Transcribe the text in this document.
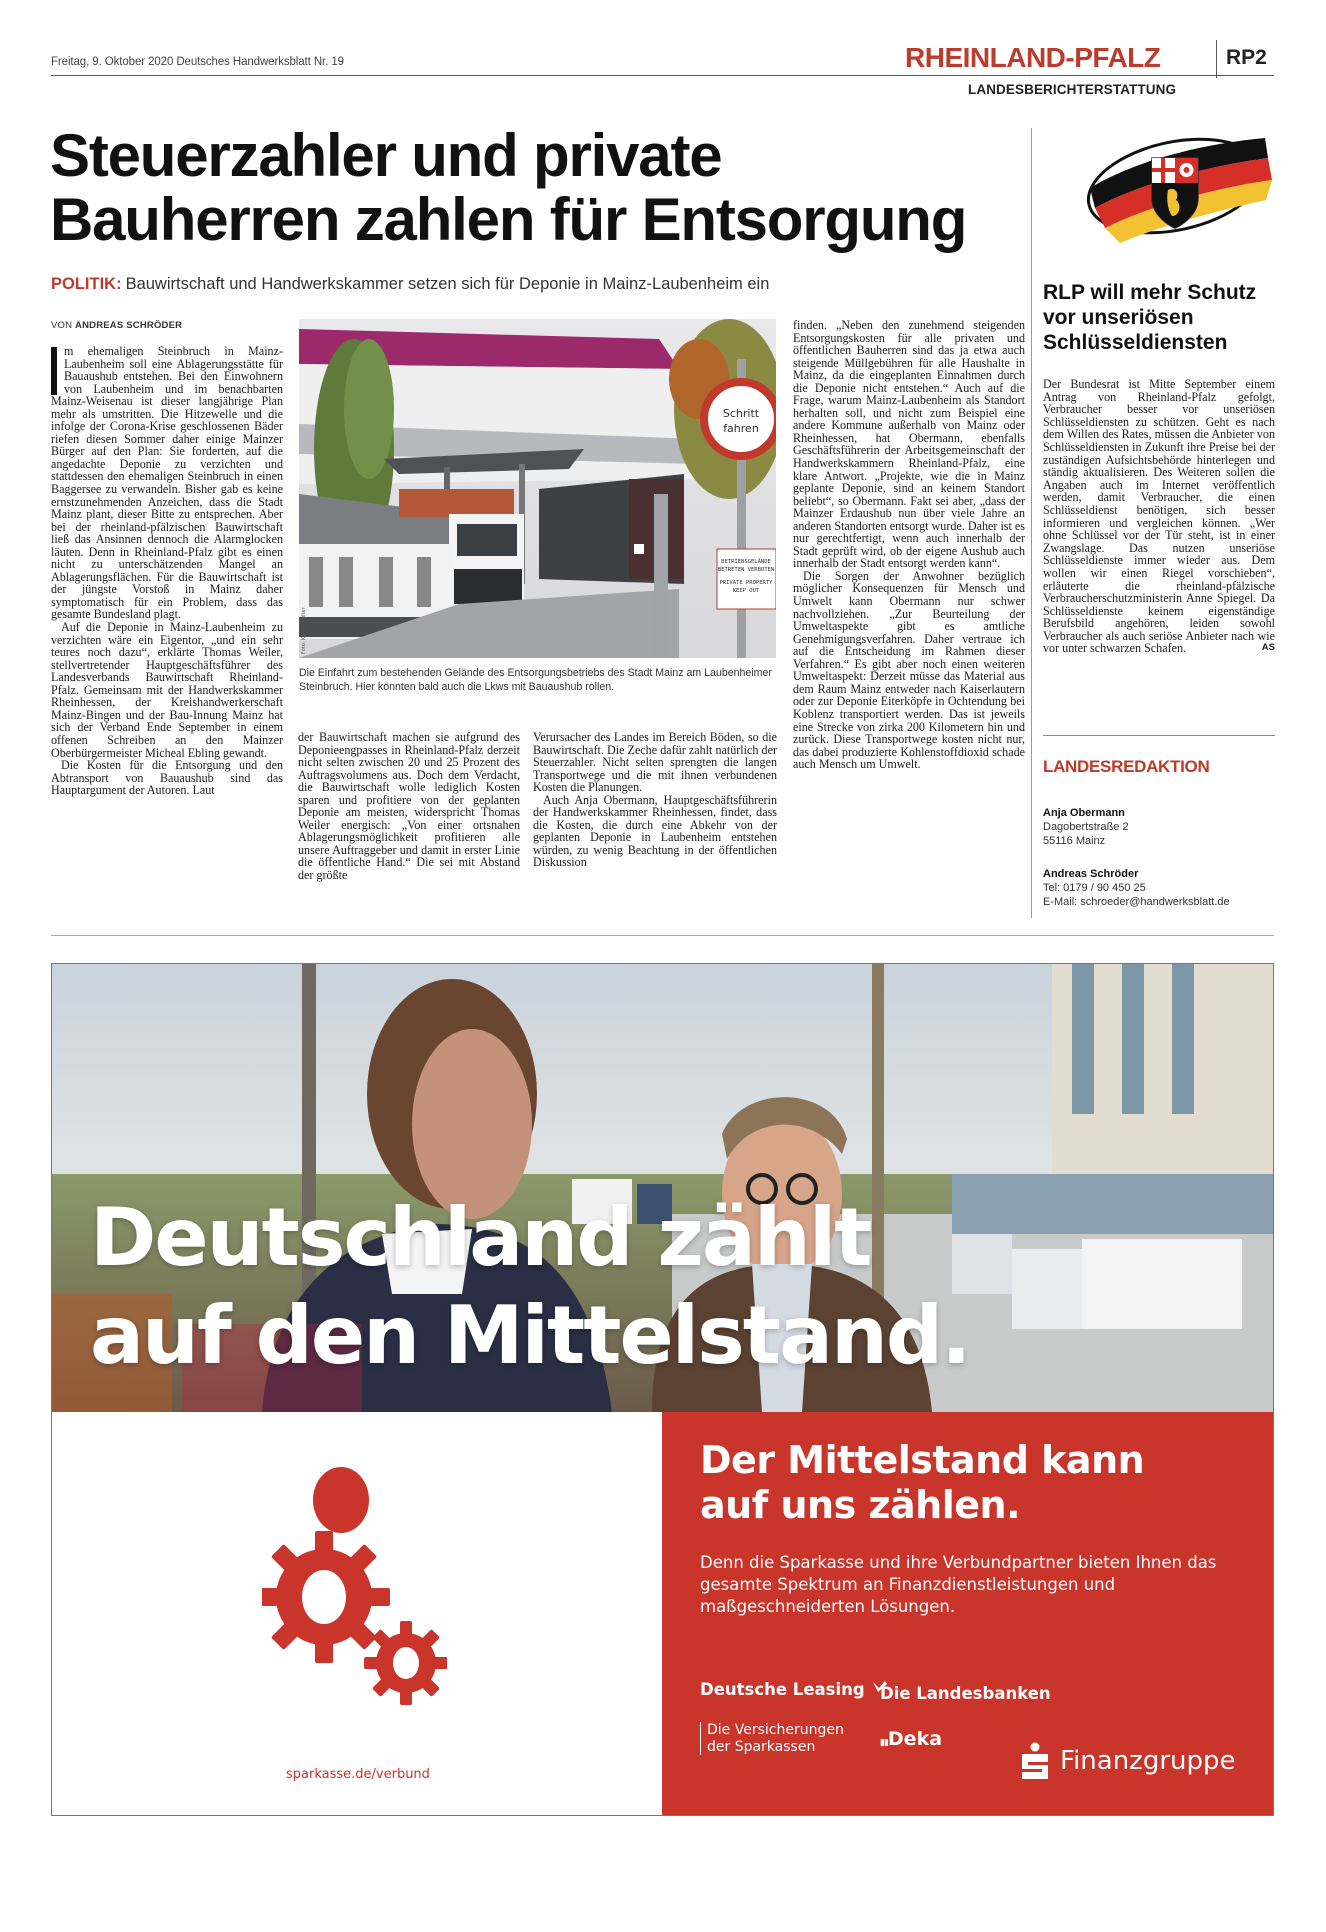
Freitag, 9. Oktober 2020 Deutsches Handwerksblatt Nr. 19	RHEINLAND-PFALZ	RP2
LANDESBERICHTERSTATTUNG
Steuerzahler und private
Bauherren zahlen für Entsorgung
POLITIK: Bauwirtschaft und Handwerkskammer setzen sich für Deponie in Mainz-Laubenheim ein
VON ANDREAS SCHRÖDER

m ehemaligen Steinbruch in Mainz-Laubenheim soll eine Ablagerungsstätte für Bauaushub entstehen. Bei den Einwohnern von Laubenheim und im benachbarten Mainz-Weisenau ist dieser langjährige Plan mehr als umstritten. Die Hitzewelle und die infolge der Corona-Krise geschlossenen Bäder riefen diesen Sommer daher einige Mainzer Bürger auf den Plan: Sie forderten, auf die angedachte Deponie zu verzichten und stattdessen den ehemaligen Steinbruch in einen Baggersee zu verwandeln. Bisher gab es keine ernstzunehmenden Anzeichen, dass die Stadt Mainz plant, dieser Bitte zu entsprechen. Aber bei der rheinland-pfälzischen Bauwirtschaft ließ das Ansinnen dennoch die Alarmglocken läuten. Denn in Rheinland-Pfalz gibt es einen nicht zu unterschätzenden Mangel an Ablagerungsflächen. Für die Bauwirtschaft ist der jüngste Vorstoß in Mainz daher symptomatisch für ein Problem, dass das gesamte Bundesland plagt.

Auf die Deponie in Mainz-Laubenheim zu verzichten wäre ein Eigentor, „und ein sehr teures noch dazu“, erklärte Thomas Weiler, stellvertretender Hauptgeschäftsführer des Landesverbands Bauwirtschaft Rheinland-Pfalz. Gemeinsam mit der Handwerkskammer Rheinhessen, der Kreishandwerkerschaft Mainz-Bingen und der Bau-Innung Mainz hat sich der Verband Ende September in einem offenen Schreiben an den Mainzer Oberbürgermeister Micheal Ebling gewandt.

Die Kosten für die Entsorgung und den Abtransport von Bauaushub sind das Hauptargument der Autoren. Laut

Schritt
fahren
BETRIEBSGELÄNDE
BETRETEN VERBOTEN
PRIVATE PROPERTY
KEEP OUT
Foto: Katrin Wolter
Die Einfahrt zum bestehenden Gelände des Entsorgungsbetriebs des Stadt Mainz am Laubenheimer Steinbruch. Hier könnten bald auch die Lkws mit Bauaushub rollen.

der Bauwirtschaft machen sie aufgrund des Deponieengpasses in Rheinland-Pfalz derzeit nicht selten zwischen 20 und 25 Prozent des Auftragsvolumens aus. Doch dem Verdacht, die Bauwirtschaft wolle lediglich Kosten sparen und profitiere von der geplanten Deponie am meisten, widerspricht Thomas Weiler energisch: „Von einer ortsnahen Ablagerungsmöglichkeit profitieren alle unsere Auftraggeber und damit in erster Linie die öffentliche Hand.“ Die sei mit Abstand der größte

Verursacher des Landes im Bereich Böden, so die Bauwirtschaft. Die Zeche dafür zahlt natürlich der Steuerzahler. Nicht selten sprengten die langen Transportwege und die mit ihnen verbundenen Kosten die Planungen.

Auch Anja Obermann, Hauptgeschäftsführerin der Handwerkskammer Rheinhessen, findet, dass die Kosten, die durch eine Abkehr von der geplanten Deponie in Laubenheim entstehen würden, zu wenig Beachtung in der öffentlichen Diskussion

finden. „Neben den zunehmend steigenden Entsorgungskosten für alle privaten und öffentlichen Bauherren sind das ja etwa auch steigende Müllgebühren für alle Haushalte in Mainz, da die eingeplanten Einnahmen durch die Deponie nicht entstehen.“ Auch auf die Frage, warum Mainz-Laubenheim als Standort herhalten soll, und nicht zum Beispiel eine andere Kommune außerhalb von Mainz oder Rheinhessen, hat Obermann, ebenfalls Geschäftsführerin der Arbeitsgemeinschaft der Handwerkskammern Rheinland-Pfalz, eine klare Antwort. „Projekte, wie die in Mainz geplante Deponie, sind an keinem Standort beliebt“, so Obermann. Fakt sei aber, „dass der Mainzer Erdaushub nun über viele Jahre an anderen Standorten entsorgt wurde. Daher ist es nur gerechtfertigt, wenn auch innerhalb der Stadt geprüft wird, ob der eigene Aushub auch innerhalb der Stadt entsorgt werden kann“.

Die Sorgen der Anwohner bezüglich möglicher Konsequenzen für Mensch und Umwelt kann Obermann nur schwer nachvollziehen. „Zur Beurteilung der Umweltaspekte gibt es amtliche Genehmigungsverfahren. Daher vertraue ich auf die Entscheidung im Rahmen dieser Verfahren.“ Es gibt aber noch einen weiteren Umweltaspekt: Derzeit müsse das Material aus dem Raum Mainz entweder nach Kaiserlautern oder zur Deponie Eiterköpfe in Ochtendung bei Koblenz transportiert werden. Das ist jeweils eine Strecke von zirka 200 Kilometern hin und zurück. Diese Transportwege kosten nicht nur, das dabei produzierte Kohlenstoffdioxid schade auch Mensch um Umwelt.

RLP will mehr Schutz vor unseriösen Schlüsseldiensten
Der Bundesrat ist Mitte September einem Antrag von Rheinland-Pfalz gefolgt, Verbraucher besser vor unseriösen Schlüsseldiensten zu schützen. Geht es nach dem Willen des Rates, müssen die Anbieter von Schlüsseldiensten in Zukunft ihre Preise bei der zuständigen Aufsichtsbehörde hinterlegen und ständig aktualisieren. Des Weiteren sollen die Angaben auch im Internet veröffentlich werden, damit Verbraucher, die einen Schlüsseldienst benötigen, sich besser informieren und vergleichen können. „Wer ohne Schlüssel vor der Tür steht, ist in einer Zwangslage. Das nutzen unseriöse Schlüsseldienste immer wieder aus. Dem wollen wir einen Riegel vorschieben“, erläuterte die rheinland-pfälzische Verbraucherschutzministerin Anne Spiegel. Da Schlüsseldienste keinem eigenständige Berufsbild angehören, leiden sowohl Verbraucher als auch seriöse Anbieter nach wie vor unter schwarzen Schafen.	AS
LANDESREDAKTION
Anja Obermann
Dagobertstraße 2
55116 Mainz
Andreas Schröder
Tel: 0179 / 90 450 25
E-Mail: schroeder@handwerksblatt.de
Deutschland zählt
auf den Mittelstand.
sparkasse.de/verbund
Der Mittelstand kann
auf uns zählen.
Denn die Sparkasse und ihre Verbundpartner bieten Ihnen das gesamte Spektrum an Finanzdienstleistungen und maßgeschneiderten Lösungen.
Deutsche Leasing Die Landesbanken
Die Versicherungen
der Sparkassen	▮▮Deka
Finanzgruppe
